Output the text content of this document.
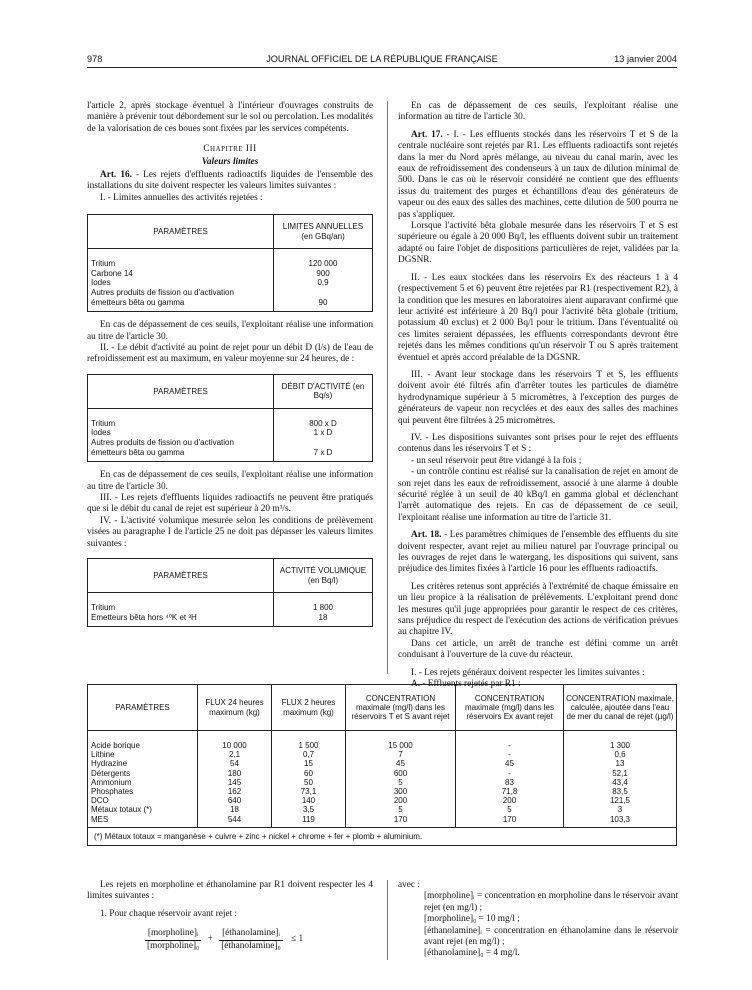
978	JOURNAL OFFICIEL DE LA RÉPUBLIQUE FRANÇAISE	13 janvier 2004

l'article 2, après stockage éventuel à l'intérieur d'ouvrages construits de manière à prévenir tout débordement sur le sol ou percolation. Les modalités de la valorisation de ces boues sont fixées par les services compétents.

Chapitre III

Valeurs limites

Art. 16. - Les rejets d'effluents radioactifs liquides de l'ensemble des installations du site doivent respecter les valeurs limites suivantes :

I. - Limites annuelles des activités rejetées :

PARAMÈTRES	LIMITES ANNUELLES (en GBq/an)
Tritium	120 000
Carbone 14	900
Iodes	0,9
Autres produits de fission ou d'activation émetteurs bêta ou gamma	90

En cas de dépassement de ces seuils, l'exploitant réalise une information au titre de l'article 30.

II. - Le débit d'activité au point de rejet pour un débit D (l/s) de l'eau de refroidissement est au maximum, en valeur moyenne sur 24 heures, de :

PARAMÈTRES	DÉBIT D'ACTIVITÉ (en Bq/s)
Tritium	800 x D
Iodes	1 x D
Autres produits de fission ou d'activation émetteurs bêta ou gamma	7 x D

En cas de dépassement de ces seuils, l'exploitant réalise une information au titre de l'article 30.

III. - Les rejets d'effluents liquides radioactifs ne peuvent être pratiqués que si le débit du canal de rejet est supérieur à 20 m³/s.

IV. - L'activité volumique mesurée selon les conditions de prélèvement visées au paragraphe I de l'article 25 ne doit pas dépasser les valeurs limites suivantes :

PARAMÈTRES	ACTIVITÉ VOLUMIQUE (en Bq/l)
Tritium	1 800
Emetteurs bêta hors ⁴⁰K et ³H	18

En cas de dépassement de ces seuils, l'exploitant réalise une information au titre de l'article 30.

Art. 17. - I. - Les effluents stockés dans les réservoirs T et S de la centrale nucléaire sont rejetés par R1. Les effluents radioactifs sont rejetés dans la mer du Nord après mélange, au niveau du canal marin, avec les eaux de refroidissement des condenseurs à un taux de dilution minimal de 500. Dans le cas où le réservoir considéré ne contient que des effluents issus du traitement des purges et échantillons d'eau des générateurs de vapeur ou des eaux des salles des machines, cette dilution de 500 pourra ne pas s'appliquer.

Lorsque l'activité bêta globale mesurée dans les réservoirs T et S est supérieure ou égale à 20 000 Bq/l, les effluents doivent subir un traitement adapté ou faire l'objet de dispositions particulières de rejet, validées par la DGSNR.

II. - Les eaux stockées dans les réservoirs Ex des réacteurs 1 à 4 (respectivement 5 et 6) peuvent être rejetées par R1 (respectivement R2), à la condition que les mesures en laboratoires aient auparavant confirmé que leur activité est inférieure à 20 Bq/l pour l'activité bêta globale (tritium, potassium 40 exclus) et 2 000 Bq/l pour le tritium. Dans l'éventualité où ces limites seraient dépassées, les effluents correspondants devront être rejetés dans les mêmes conditions qu'un réservoir T ou S après traitement éventuel et après accord préalable de la DGSNR.

III. - Avant leur stockage dans les réservoirs T et S, les effluents doivent avoir été filtrés afin d'arrêter toutes les particules de diamètre hydrodynamique supérieur à 5 micromètres, à l'exception des purges de générateurs de vapeur non recyclées et des eaux des salles des machines qui peuvent être filtrées à 25 micromètres.

IV. - Les dispositions suivantes sont prises pour le rejet des effluents contenus dans les réservoirs T et S :

- un seul réservoir peut être vidangé à la fois ;

- un contrôle continu est réalisé sur la canalisation de rejet en amont de son rejet dans les eaux de refroidissement, associé à une alarme à double sécurité réglée à un seuil de 40 kBq/l en gamma global et déclenchant l'arrêt automatique des rejets. En cas de dépassement de ce seuil, l'exploitant réalise une information au titre de l'article 31.

Art. 18. - Les paramètres chimiques de l'ensemble des effluents du site doivent respecter, avant rejet au milieu naturel par l'ouvrage principal ou les ouvrages de rejet dans le watergang, les dispositions qui suivent, sans préjudice des limites fixées à l'article 16 pour les effluents radioactifs.

Les critères retenus sont appréciés à l'extrémité de chaque émissaire en un lieu propice à la réalisation de prélèvements. L'exploitant prend donc les mesures qu'il juge appropriées pour garantir le respect de ces critères, sans préjudice du respect de l'exécution des actions de vérification prévues au chapitre IV.

Dans cet article, un arrêt de tranche est défini comme un arrêt conduisant à l'ouverture de la cuve du réacteur.

I. - Les rejets généraux doivent respecter les limites suivantes :

A. - Effluents rejetés par R1 :

PARAMÈTRES	FLUX 24 heures maximum (kg)	FLUX 2 heures maximum (kg)	CONCENTRATION maximale (mg/l) dans les réservoirs T et S avant rejet	CONCENTRATION maximale (mg/l) dans les réservoirs Ex avant rejet	CONCENTRATION maximale, calculée, ajoutée dans l'eau de mer du canal de rejet (µg/l)
Acide borique	10 000	1 500	15 000	-	1 300
Lithine	2,1	0,7	7	-	0,6
Hydrazine	54	15	45	45	13
Détergents	180	60	600	-	52,1
Ammonium	145	50	5	83	43,4
Phosphates	162	73,1	300	71,8	83,5
DCO	640	140	200	200	121,5
Métaux totaux (*)	18	3,5	5	5	3
MES	544	119	170	170	103,3
(*) Métaux totaux = manganèse + cuivre + zinc + nickel + chrome + fer + plomb + aluminium.

Les rejets en morpholine et éthanolamine par R1 doivent respecter les 4 limites suivantes :

1. Pour chaque réservoir avant rejet :

$\frac{\text{[morpholine]ᵢ}}{\text{[morpholine]₀}} + \frac{\text{[éthanolamine]ᵢ}}{\text{[éthanolamine]₀}} \le 1$

avec :

[morpholine]ᵢ = concentration en morpholine dans le réservoir avant rejet (en mg/l) ;

[morpholine]₀ = 10 mg/l ;

[éthanolamine]ᵢ = concentration en éthanolamine dans le réservoir avant rejet (en mg/l) ;

[éthanolamine]₀ = 4 mg/l.
